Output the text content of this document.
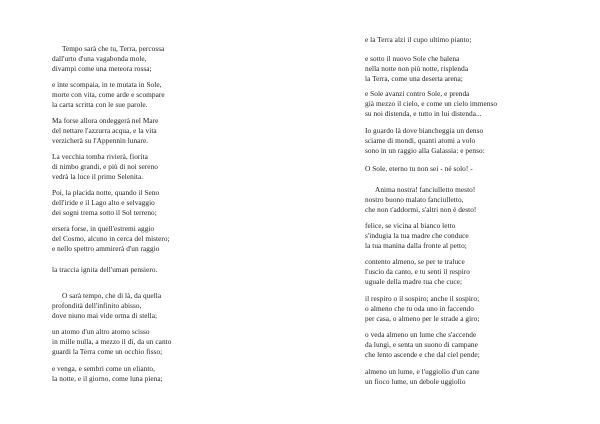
Tempo sarà che tu, Terra, percossa
dall'urto d'una vagabonda mole,
divampi come una meteora rossa;
e inte scompaia, in te mutata in Sole,
morte con vita, come arde e scompare
la carta scritta con le sue parole.
Ma forse allora ondeggerà nel Mare
del nettare l'azzurra acqua, e la vita
verzicherà su l'Appennin lunare.
La vecchia tomba rivierà, fiorita
di nimbo grandi, e più di noi sereno
vedrà la luce il primo Selenita.
Poi, la placida notte, quando il Seno
dell'iride e il Lago alto e selvaggio
dei sogni trema sotto il Sol terreno;
ersera forse, in quell'estremi aggio
del Cosmo, alcuno in cerca del mistero;
e nello spettro ammirerà d'un raggio
la traccia ignita dell'uman pensiero.
O sarà tempo, che di là, da quella
profondità dell'infinito abisso,
dove niuno mai vide orma di stella;
un atomo d'un altro atomo scisso
in mille nulla, a mezzo il dì, da un canto
guardi la Terra come un occhio fisso;
e venga, e sembri come un elianto,
la notte, e il giorno, come luna piena;
e la Terra alzi il cupo ultimo pianto;
e sotto il nuovo Sole che balena
nella notte non più notte, risplenda
la Terra, come una deserta arena;
e Sole avanzi contro Sole, e prenda
già mezzo il cielo, e come un cielo immenso
su noi distenda, e tutto in lui distenda...
Io guardo là dove biancheggia un denso
sciame di mondi, quanti atomi a volo
sono in un raggio alla Galassia: e penso:
O Sole, eterno tu non sei - né solo! -
Anima nostra! fanciulletto mesto!
nostro buono malato fanciulletto,
che non t'addormi, s'altri non è desto!
felice, se vicina al bianco letto
s'indugia la tua madre che conduce
la tua manina dalla fronte al petto;
contento almeno, se per te traluce
l'uscio da canto, e tu senti il respiro
uguale della madre tua che cuce;
il respiro o il sospiro; anche il sospiro;
o almeno che tu oda uno in faccendo
per casa, o almeno per le strade a giro;
o veda almeno un lume che s'accende
da lungi, e senta un suono di campane
che lento ascende e che dal ciel pende;
almeno un lume, e l'uggiolìo d'un cane
un fioco lume, un debole uggiolìo
